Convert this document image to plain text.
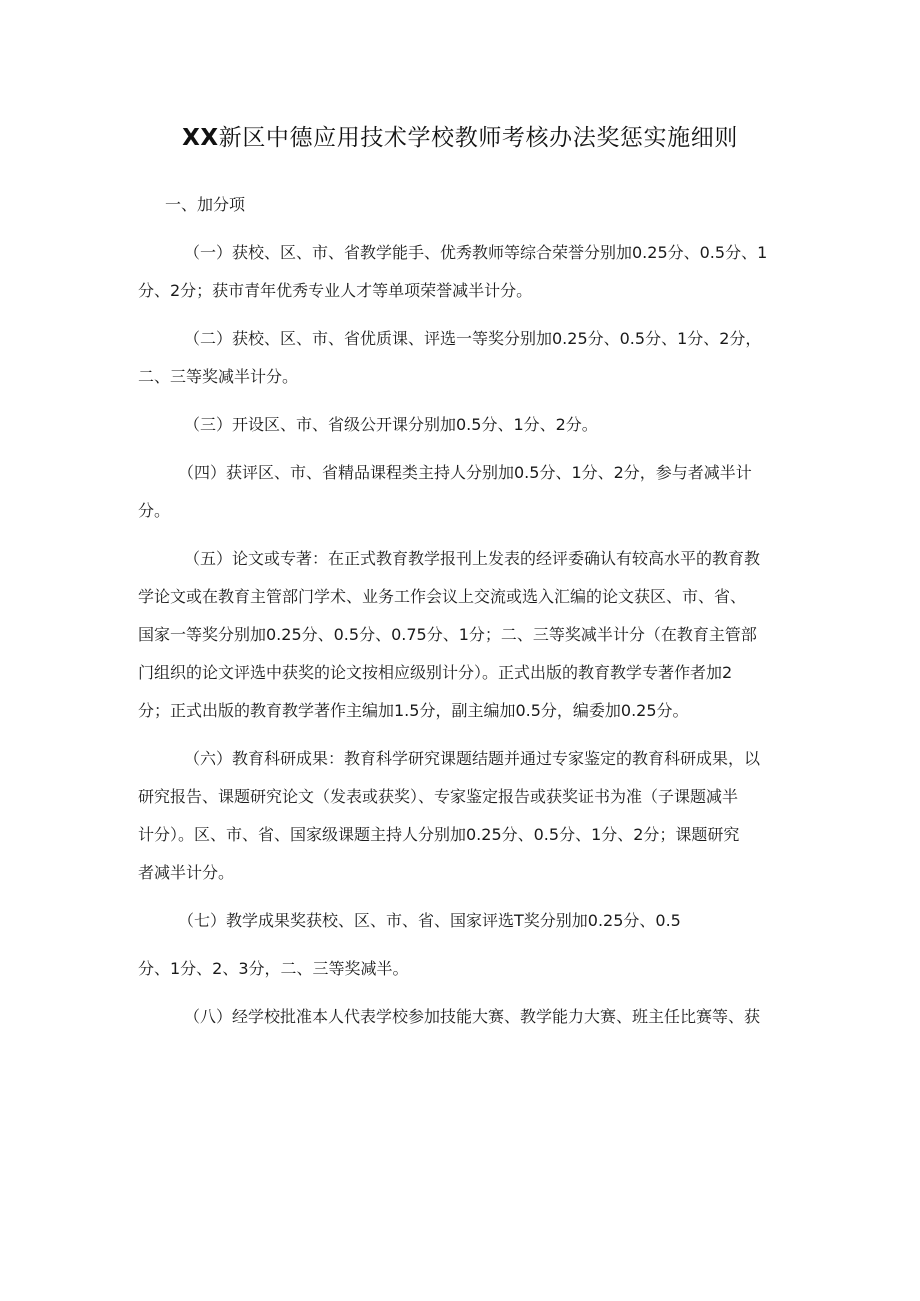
XX新区中德应用技术学校教师考核办法奖惩实施细则

一、加分项

（一）获校、区、市、省教学能手、优秀教师等综合荣誉分别加0.25分、0.5分、1

分、2分；获市青年优秀专业人才等单项荣誉减半计分。

（二）获校、区、市、省优质课、评选一等奖分别加0.25分、0.5分、1分、2分，

二、三等奖减半计分。

（三）开设区、市、省级公开课分别加0.5分、1分、2分。

（四）获评区、市、省精品课程类主持人分别加0.5分、1分、2分，参与者减半计

分。

（五）论文或专著：在正式教育教学报刊上发表的经评委确认有较高水平的教育教

学论文或在教育主管部门学术、业务工作会议上交流或选入汇编的论文获区、市、省、

国家一等奖分别加0.25分、0.5分、0.75分、1分；二、三等奖减半计分（在教育主管部

门组织的论文评选中获奖的论文按相应级别计分）。正式出版的教育教学专著作者加2

分；正式出版的教育教学著作主编加1.5分，副主编加0.5分，编委加0.25分。

（六）教育科研成果：教育科学研究课题结题并通过专家鉴定的教育科研成果，以

研究报告、课题研究论文（发表或获奖）、专家鉴定报告或获奖证书为准（子课题减半

计分）。区、市、省、国家级课题主持人分别加0.25分、0.5分、1分、2分；课题研究

者减半计分。

（七）教学成果奖获校、区、市、省、国家评选T奖分别加0.25分、0.5

分、1分、2、3分，二、三等奖减半。

（八）经学校批准本人代表学校参加技能大赛、教学能力大赛、班主任比赛等、获
